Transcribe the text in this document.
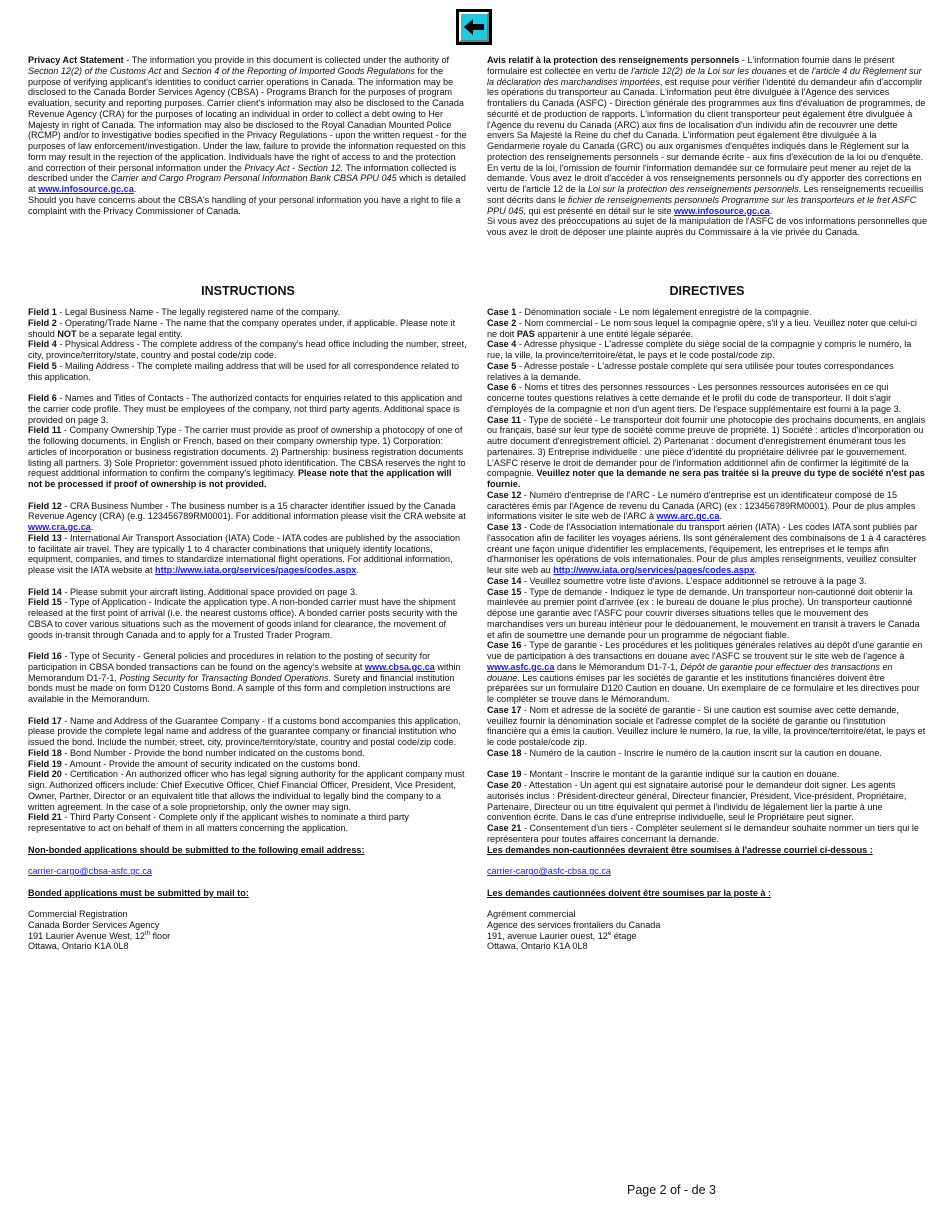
Privacy Act Statement - The information you provide in this document is collected under the authority of Section 12(2) of the Customs Act and Section 4 of the Reporting of Imported Goods Regulations for the purpose of verifying applicant's identities to conduct carrier operations in Canada. The information may be disclosed to the Canada Border Services Agency (CBSA) - Programs Branch for the purposes of program evaluation, security and reporting purposes. Carrier client's information may also be disclosed to the Canada Revenue Agency (CRA) for the purposes of locating an individual in order to collect a debt owing to Her Majesty in right of Canada. The information may also be disclosed to the Royal Canadian Mounted Police (RCMP) and/or to investigative bodies specified in the Privacy Regulations - upon the written request - for the purposes of law enforcement/investigation. Under the law, failure to provide the information requested on this form may result in the rejection of the application. Individuals have the right of access to and the protection and correction of their personal information under the Privacy Act - Section 12. The information collected is described under the Carrier and Cargo Program Personal Information Bank CBSA PPU 045 which is detailed at www.infosource.gc.ca.

Should you have concerns about the CBSA's handling of your personal information you have a right to file a complaint with the Privacy Commissioner of Canada.

Avis relatif à la protection des renseignements personnels - L'information fournie dans le présent formulaire est collectée en vertu de l'article 12(2) de la Loi sur les douanes et de l'article 4 du Règlement sur la déclaration des marchandises importées, est requise pour vérifier l'identité du demandeur afin d'accomplir les opérations du transporteur au Canada. L'information peut être divulguée à l'Agence des services frontaliers du Canada (ASFC) - Direction générale des programmes aux fins d'évaluation de programmes, de sécurité et de production de rapports. L'information du client transporteur peut également être divulguée à l'Agence du revenu du Canada (ARC) aux fins de localisation d'un individu afin de recouvrer une dette envers Sa Majesté la Reine du chef du Canada. L'information peut également être divulguée à la Gendarmerie royale du Canada (GRC) ou aux organismes d'enquêtes indiqués dans le Règlement sur la protection des renseignements personnels - sur demande écrite - aux fins d'exécution de la loi ou d'enquête. En vertu de la loi, l'omission de fournir l'information demandée sur ce formulaire peut mener au rejet de la demande. Vous avez le droit d'accéder à vos renseignements personnels ou d'y apporter des corrections en vertu de l'article 12 de la Loi sur la protection des renseignements personnels. Les renseignements recueillis sont décrits dans le fichier de renseignements personnels Programme sur les transporteurs et le fret ASFC PPU 045, qui est présenté en détail sur le site www.infosource.gc.ca.

Si vous avez des préoccupations au sujet de la manipulation de l'ASFC de vos informations personnelles que vous avez le droit de déposer une plainte auprès du Commissaire à la vie privée du Canada.

INSTRUCTIONS	DIRECTIVES

Field 1 - Legal Business Name - The legally registered name of the company.

Field 2 - Operating/Trade Name - The name that the company operates under, if applicable. Please note it should NOT be a separate legal entity.

Field 4 - Physical Address - The complete address of the company's head office including the number, street, city, province/territory/state, country and postal code/zip code.

Field 5 - Mailing Address - The complete mailing address that will be used for all correspondence related to this application.

Field 6 - Names and Titles of Contacts - The authorized contacts for enquiries related to this application and the carrier code profile. They must be employees of the company, not third party agents. Additional space is provided on page 3.

Field 11 - Company Ownership Type - The carrier must provide as proof of ownership a photocopy of one of the following documents, in English or French, based on their company ownership type. 1) Corporation: articles of incorporation or business registration documents. 2) Partnership: business registration documents listing all partners. 3) Sole Proprietor: government issued photo identification. The CBSA reserves the right to request additional information to confirm the company's legitimacy. Please note that the application will not be processed if proof of ownership is not provided.

Field 12 - CRA Business Number - The business number is a 15 character identifier issued by the Canada Revenue Agency (CRA) (e.g. 123456789RM0001). For additional information please visit the CRA website at www.cra.gc.ca.

Field 13 - International Air Transport Association (IATA) Code - IATA codes are published by the association to facilitate air travel. They are typically 1 to 4 character combinations that uniquely identify locations, equipment, companies, and times to standardize international flight operations. For additional information, please visit the IATA website at http://www.iata.org/services/pages/codes.aspx.

Field 14 - Please submit your aircraft listing. Additional space provided on page 3.

Field 15 - Type of Application - Indicate the application type. A non-bonded carrier must have the shipment released at the first point of arrival (i.e. the nearest customs office). A bonded carrier posts security with the CBSA to cover various situations such as the movement of goods inland for clearance, the movement of goods in-transit through Canada and to apply for a Trusted Trader Program.

Field 16 - Type of Security - General policies and procedures in relation to the posting of security for participation in CBSA bonded transactions can be found on the agency's website at www.cbsa.gc.ca within Memorandum D1-7-1, Posting Security for Transacting Bonded Operations. Surety and financial institution bonds must be made on form D120 Customs Bond. A sample of this form and completion instructions are available in the Memorandum.

Field 17 - Name and Address of the Guarantee Company - If a customs bond accompanies this application, please provide the complete legal name and address of the guarantee company or financial institution who issued the bond. Include the number, street, city, province/territory/state, country and postal code/zip code.

Field 18 - Bond Number - Provide the bond number indicated on the customs bond.

Field 19 - Amount - Provide the amount of security indicated on the customs bond.

Field 20 - Certification - An authorized officer who has legal signing authority for the applicant company must sign. Authorized officers include: Chief Executive Officer, Chief Financial Officer, President, Vice President, Owner, Partner, Director or an equivalent title that allows the individual to legally bind the company to a written agreement. In the case of a sole proprietorship, only the owner may sign.

Field 21 - Third Party Consent - Complete only if the applicant wishes to nominate a third party representative to act on behalf of them in all matters concerning the application.

Non-bonded applications should be submitted to the following email address:

carrier-cargo@cbsa-asfc.gc.ca

Bonded applications must be submitted by mail to:

Commercial Registration

Canada Border Services Agency

191 Laurier Avenue West, 12th floor

Ottawa, Ontario K1A 0L8

Case 1 - Dénomination sociale - Le nom légalement enregistré de la compagnie.

Case 2 - Nom commercial - Le nom sous lequel la compagnie opère, s'il y a lieu. Veuillez noter que celui-ci ne doit PAS appartenir à une entité légale séparée.

Case 4 - Adresse physique - L'adresse complète du siège social de la compagnie y compris le numéro, la rue, la ville, la province/territoire/état, le pays et le code postal/code zip.

Case 5 - Adresse postale - L'adresse postale complète qui sera utilisée pour toutes correspondances relatives à la demande.

Case 6 - Noms et titres des personnes ressources - Les personnes ressources autorisées en ce qui concerne toutes questions relatives à cette demande et le profil du code de transporteur. Il doit s'agir d'employés de la compagnie et non d'un agent tiers. De l'espace supplémentaire est fourni à la page 3.

Case 11 - Type de société - Le transporteur doit fournir une photocopie des prochains documents, en anglais ou français, basé sur leur type de société comme preuve de propriété. 1) Société : articles d'incorporation ou autre document d'enregistrement officiel. 2) Partenariat : document d'enregistrement énumérant tous les partenaires. 3) Entreprise individuelle : une pièce d'identité du propriétaire délivrée par le gouvernement. L'ASFC réserve le droit de demander pour de l'information additionnel afin de confirmer la légitimité de la compagnie. Veuillez noter que la demande ne sera pas traitée si la preuve du type de société n'est pas fournie.

Case 12 - Numéro d'entreprise de l'ARC - Le numéro d'entreprise est un identificateur composé de 15 caractères émis par l'Agence de revenu du Canada (ARC) (ex : 123456789RM0001). Pour de plus amples informations visiter le site web de l'ARC à www.arc.gc.ca.

Case 13 - Code de l'Association internationale du transport aérien (IATA) - Les codes IATA sont publiés par l'assocation afin de faciliter les voyages aériens. Ils sont généralement des combinaisons de 1 à 4 caractères créant une façon unique d'identifier les emplacements, l'équipement, les entreprises et le temps afin d'harmoniser les opérations de vols internationales. Pour de plus amples renseignments, veuillez consulter leur site web au http://www.iata.org/services/pages/codes.aspx.

Case 14 - Veuillez soumettre votre liste d'avions. L'espace additionnel se retrouve à la page 3.

Case 15 - Type de demande - Indiquez le type de demande. Un transporteur non-cautionné doit obtenir la mainlevée au premier point d'arrivée (ex : le bureau de douane le plus proche). Un transporteur cautionné dépose une garantie avec l'ASFC pour couvrir diverses situations telles que le mouvement des marchandises vers un bureau intérieur pour le dédouanement, le mouvement en transit à travers le Canada et afin de soumettre une demande pour un programme de négociant fiable.

Case 16 - Type de garantie - Les procédures et les politiques générales relatives au dépôt d'une garantie en vue de participation à des transactions en douane avec l'ASFC se trouvent sur le site web de l'agence à www.asfc.gc.ca dans le Mémorandum D1-7-1, Dépôt de garantie pour effectuer des transactions en douane. Les cautions émises par les sociétés de garantie et les institutions financières doivent être préparées sur un formulaire D120 Caution en douane. Un exemplaire de ce formulaire et les directives pour le compléter se trouve dans le Mémorandum.

Case 17 - Nom et adresse de la société de garantie - Si une caution est soumise avec cette demande, veuillez fournir la dénomination sociale et l'adresse complet de la société de garantie ou l'institution financière qui a émis la caution. Veuillez inclure le numéro, la rue, la ville, la province/territoire/état, le pays et le code postale/code zip.

Case 18 - Numéro de la caution - Inscrire le numéro de la caution inscrit sur la caution en douane.

Case 19 - Montant - Inscrire le montant de la garantie indiqué sur la caution en douane.

Case 20 - Attestation - Un agent qui est signataire autorisé pour le demandeur doit signer. Les agents autorisés inclus : Président-directeur général, Directeur financier, Président, Vice-président, Propriétaire, Partenaire, Directeur ou un titre équivalent qui permet à l'individu de légalement lier la partie à une convention écrite. Dans le cas d'une entreprise individuelle, seul le Propriétaire peut signer.

Case 21 - Consentement d'un tiers - Compléter seulement si le demandeur souhaite nommer un tiers qui le représentera pour toutes affaires concernant la demande.

Les demandes non-cautionnées devraient être soumises à l'adresse courriel ci-dessous :

carrier-cargo@asfc-cbsa.gc.ca

Les demandes cautionnées doivent être soumises par la poste à :

Agrément commercial

Agence des services frontaliers du Canada

191, avenue Laurier ouest, 12e étage

Ottawa, Ontario K1A 0L8

Page 2 of - de 3
